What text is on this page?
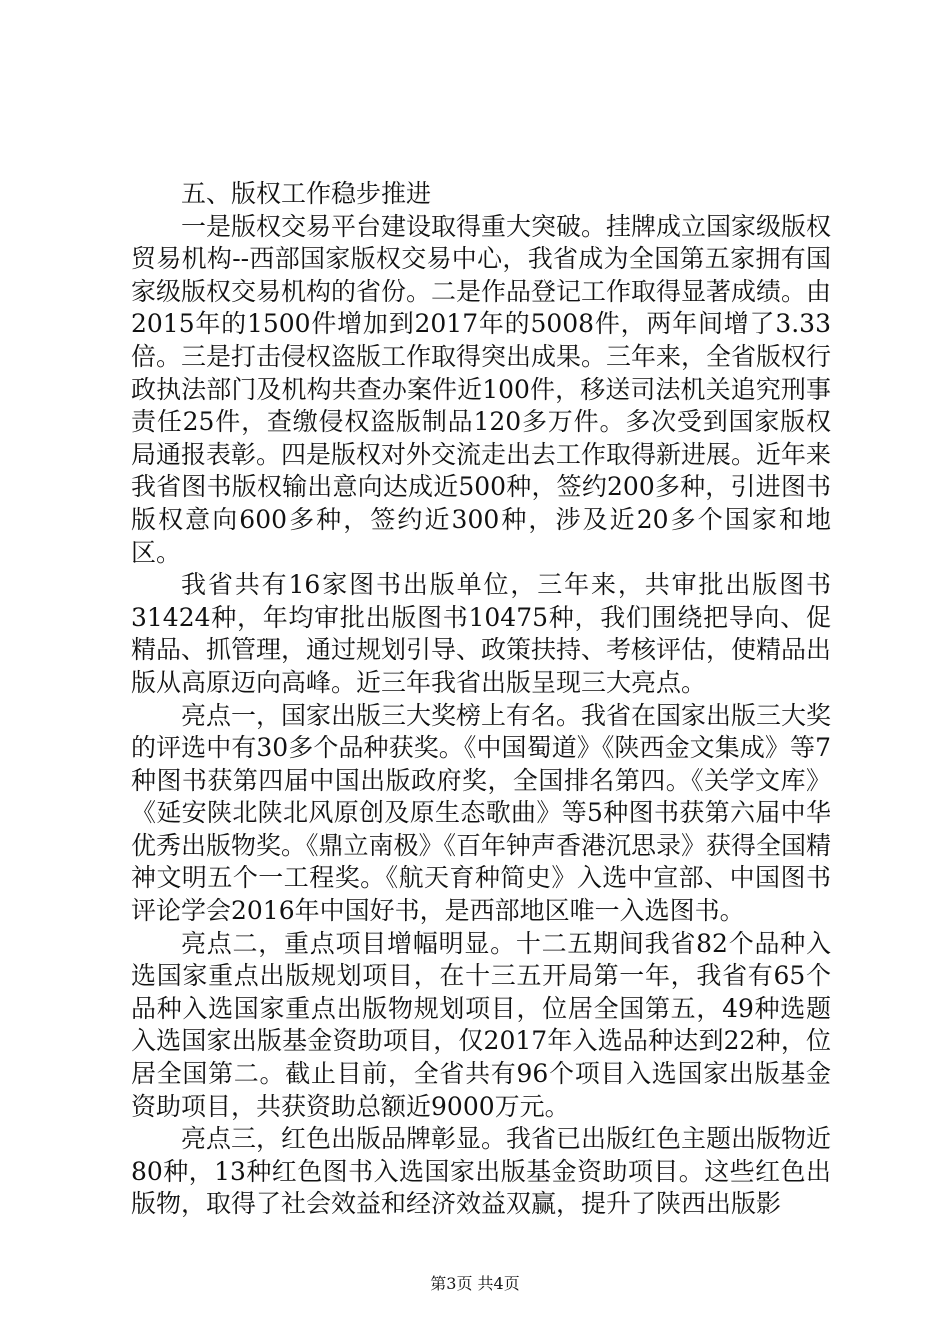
五、版权工作稳步推进

一是版权交易平台建设取得重大突破。挂牌成立国家级版权贸易机构--西部国家版权交易中心，我省成为全国第五家拥有国家级版权交易机构的省份。二是作品登记工作取得显著成绩。由2015年的1500件增加到2017年的5008件，两年间增了3.33倍。三是打击侵权盗版工作取得突出成果。三年来，全省版权行政执法部门及机构共查办案件近100件，移送司法机关追究刑事责任25件，查缴侵权盗版制品120多万件。多次受到国家版权局通报表彰。四是版权对外交流走出去工作取得新进展。近年来我省图书版权输出意向达成近500种，签约200多种，引进图书版权意向600多种，签约近300种，涉及近20多个国家和地区。

我省共有16家图书出版单位，三年来，共审批出版图书31424种，年均审批出版图书10475种，我们围绕把导向、促精品、抓管理，通过规划引导、政策扶持、考核评估，使精品出版从高原迈向高峰。近三年我省出版呈现三大亮点。

亮点一，国家出版三大奖榜上有名。我省在国家出版三大奖的评选中有30多个品种获奖。《中国蜀道》《陕西金文集成》等7种图书获第四届中国出版政府奖，全国排名第四。《关学文库》《延安陕北陕北风原创及原生态歌曲》等5种图书获第六届中华优秀出版物奖。《鼎立南极》《百年钟声香港沉思录》获得全国精神文明五个一工程奖。《航天育种简史》入选中宣部、中国图书评论学会2016年中国好书，是西部地区唯一入选图书。

亮点二，重点项目增幅明显。十二五期间我省82个品种入选国家重点出版规划项目，在十三五开局第一年，我省有65个品种入选国家重点出版物规划项目，位居全国第五，49种选题入选国家出版基金资助项目，仅2017年入选品种达到22种，位居全国第二。截止目前，全省共有96个项目入选国家出版基金资助项目，共获资助总额近9000万元。

亮点三，红色出版品牌彰显。我省已出版红色主题出版物近80种，13种红色图书入选国家出版基金资助项目。这些红色出版物，取得了社会效益和经济效益双赢，提升了陕西出版影

第3页 共4页
